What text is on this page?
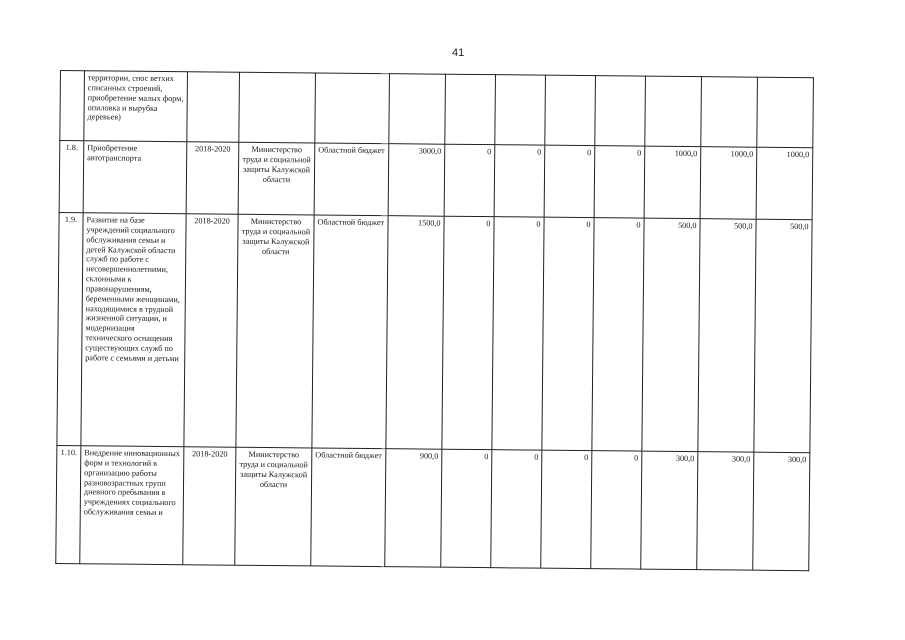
41
	территории, снос ветхих списанных строений, приобретение малых форм, опиловка и вырубка деревьев)											
1.8.	Приобретение автотранспорта	2018-2020	Министерство труда и социальной защиты Калужской области	Областной бюджет	3000,0	0	0	0	0	1000,0	1000,0	1000,0
1.9.	Развитие на базе учреждений социального обслуживания семьи и детей Калужской области служб по работе с несовершеннолетними, склонными к правонарушениям, беременными женщинами, находящимися в трудной жизненной ситуации, и модернизация технического оснащения существующих служб по работе с семьями и детьми	2018-2020	Министерство труда и социальной защиты Калужской области	Областной бюджет	1500,0	0	0	0	0	500,0	500,0	500,0
1.10.	Внедрение инновационных форм и технологий в организацию работы разновозрастных групп дневного пребывания в учреждениях социального обслуживания семьи и	2018-2020	Министерство труда и социальной защиты Калужской области	Областной бюджет	900,0	0	0	0	0	300,0	300,0	300,0
